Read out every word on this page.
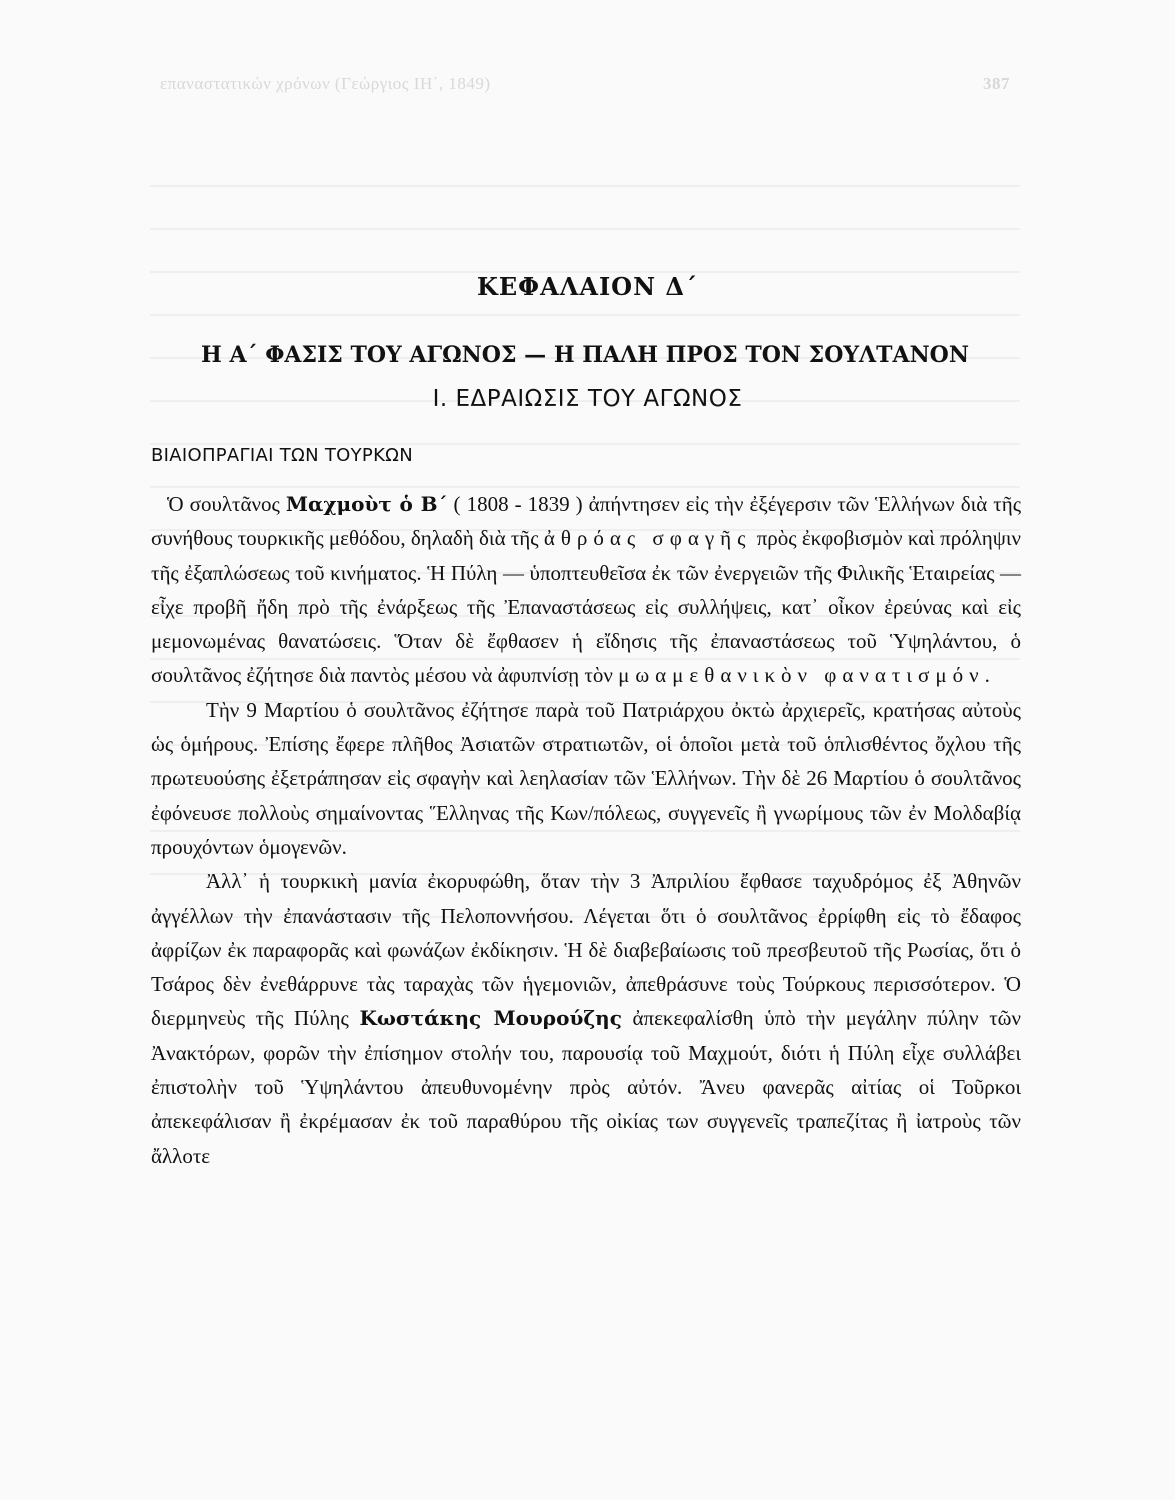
επαναστατικών χρόνων (Γεώργιος ΙΗ΄, 1849)	387
ΚΕΦΑΛΑΙΟΝ Δ΄
Η Α΄ ΦΑΣΙΣ ΤΟΥ ΑΓΩΝΟΣ — Η ΠΑΛΗ ΠΡΟΣ ΤΟΝ ΣΟΥΛΤΑΝΟΝ
Ι. ΕΔΡΑΙΩΣΙΣ ΤΟΥ ΑΓΩΝΟΣ
ΒΙΑΙΟΠΡΑΓΙΑΙ ΤΩΝ ΤΟΥΡΚΩΝ

Ὁ σουλτᾶνος Μαχμοὺτ ὁ Β΄ ( 1808 - 1839 ) ἀπήντησεν εἰς τὴν ἐξέγερσιν τῶν Ἑλλήνων διὰ τῆς συνήθους τουρκικῆς μεθόδου, δηλαδὴ διὰ τῆς ἀθρόας σφαγῆς πρὸς ἐκφοβισμὸν καὶ πρόληψιν τῆς ἐξαπλώσεως τοῦ κινήματος. Ἡ Πύλη — ὑποπτευθεῖσα ἐκ τῶν ἐνεργειῶν τῆς Φιλικῆς Ἑταιρείας — εἶχε προβῆ ἤδη πρὸ τῆς ἐνάρξεως τῆς Ἐπαναστάσεως εἰς συλλήψεις, κατ᾿ οἶκον ἐρεύνας καὶ εἰς μεμονωμένας θανατώσεις. Ὅταν δὲ ἔφθασεν ἡ εἴδησις τῆς ἐπαναστάσεως τοῦ Ὑψηλάντου, ὁ σουλτᾶνος ἐζήτησε διὰ παντὸς μέσου νὰ ἀφυπνίσῃ τὸν μωαμεθανικὸν φανατισμόν.

Τὴν 9 Μαρτίου ὁ σουλτᾶνος ἐζήτησε παρὰ τοῦ Πατριάρχου ὀκτὼ ἀρχιερεῖς, κρατήσας αὐτοὺς ὡς ὁμήρους. Ἐπίσης ἔφερε πλῆθος Ἀσιατῶν στρατιωτῶν, οἱ ὁποῖοι μετὰ τοῦ ὁπλισθέντος ὄχλου τῆς πρωτευούσης ἐξετράπησαν εἰς σφαγὴν καὶ λεηλασίαν τῶν Ἑλλήνων. Τὴν δὲ 26 Μαρτίου ὁ σουλτᾶνος ἐφόνευσε πολλοὺς σημαίνοντας Ἕλληνας τῆς Κων/πόλεως, συγγενεῖς ἢ γνωρίμους τῶν ἐν Μολδαβίᾳ προυχόντων ὁμογενῶν.

Ἀλλ᾿ ἡ τουρκικὴ μανία ἐκορυφώθη, ὅταν τὴν 3 Ἀπριλίου ἔφθασε ταχυδρόμος ἐξ Ἀθηνῶν ἀγγέλλων τὴν ἐπανάστασιν τῆς Πελοποννήσου. Λέγεται ὅτι ὁ σουλτᾶνος ἐρρίφθη εἰς τὸ ἔδαφος ἀφρίζων ἐκ παραφορᾶς καὶ φωνάζων ἐκδίκησιν. Ἡ δὲ διαβεβαίωσις τοῦ πρεσβευτοῦ τῆς Ρωσίας, ὅτι ὁ Τσάρος δὲν ἐνεθάρρυνε τὰς ταραχὰς τῶν ἡγεμονιῶν, ἀπεθράσυνε τοὺς Τούρκους περισσότερον. Ὁ διερμηνεὺς τῆς Πύλης Κωστάκης Μουρούζης ἀπεκεφαλίσθη ὑπὸ τὴν μεγάλην πύλην τῶν Ἀνακτόρων, φορῶν τὴν ἐπίσημον στολήν του, παρουσίᾳ τοῦ Μαχμούτ, διότι ἡ Πύλη εἶχε συλλάβει ἐπιστολὴν τοῦ Ὑψηλάντου ἀπευθυνομένην πρὸς αὐτόν. Ἄνευ φανερᾶς αἰτίας οἱ Τοῦρκοι ἀπεκεφάλισαν ἢ ἐκρέμασαν ἐκ τοῦ παραθύρου τῆς οἰκίας των συγγενεῖς τραπεζίτας ἢ ἰατροὺς τῶν ἄλλοτε
